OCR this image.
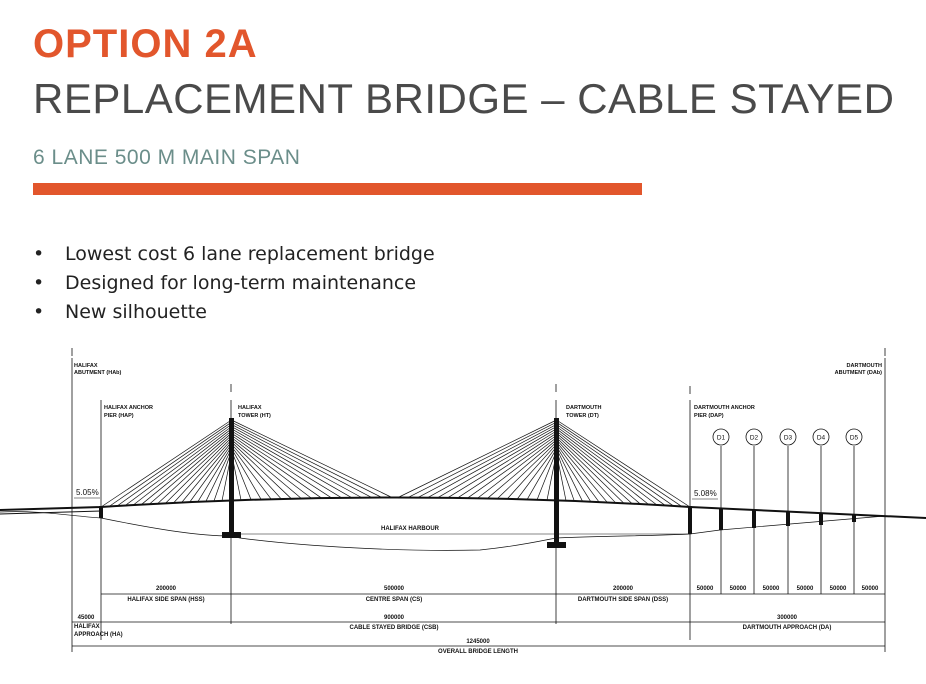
OPTION 2A
REPLACEMENT BRIDGE – CABLE STAYED
6 LANE 500 M MAIN SPAN
• Lowest cost 6 lane replacement bridge
• Designed for long-term maintenance
• New silhouette
D1	D2	D3	D4	D5
HALIFAX
ABUTMENT (HAb)
HALIFAX ANCHOR
PIER (HAP)
HALIFAX
TOWER (HT)
DARTMOUTH
TOWER (DT)
DARTMOUTH ANCHOR
PIER (DAP)
DARTMOUTH
ABUTMENT (DAb)
5.05%	5.08%
HALIFAX HARBOUR
200000
HALIFAX SIDE SPAN (HSS)
500000
CENTRE SPAN (CS)
200000
DARTMOUTH SIDE SPAN (DSS)
50000	50000	50000	50000	50000	50000
45000	900000
CABLE STAYED BRIDGE (CSB)
300000
DARTMOUTH APPROACH (DA)
1245000
OVERALL BRIDGE LENGTH
HALIFAX
APPROACH (HA)
